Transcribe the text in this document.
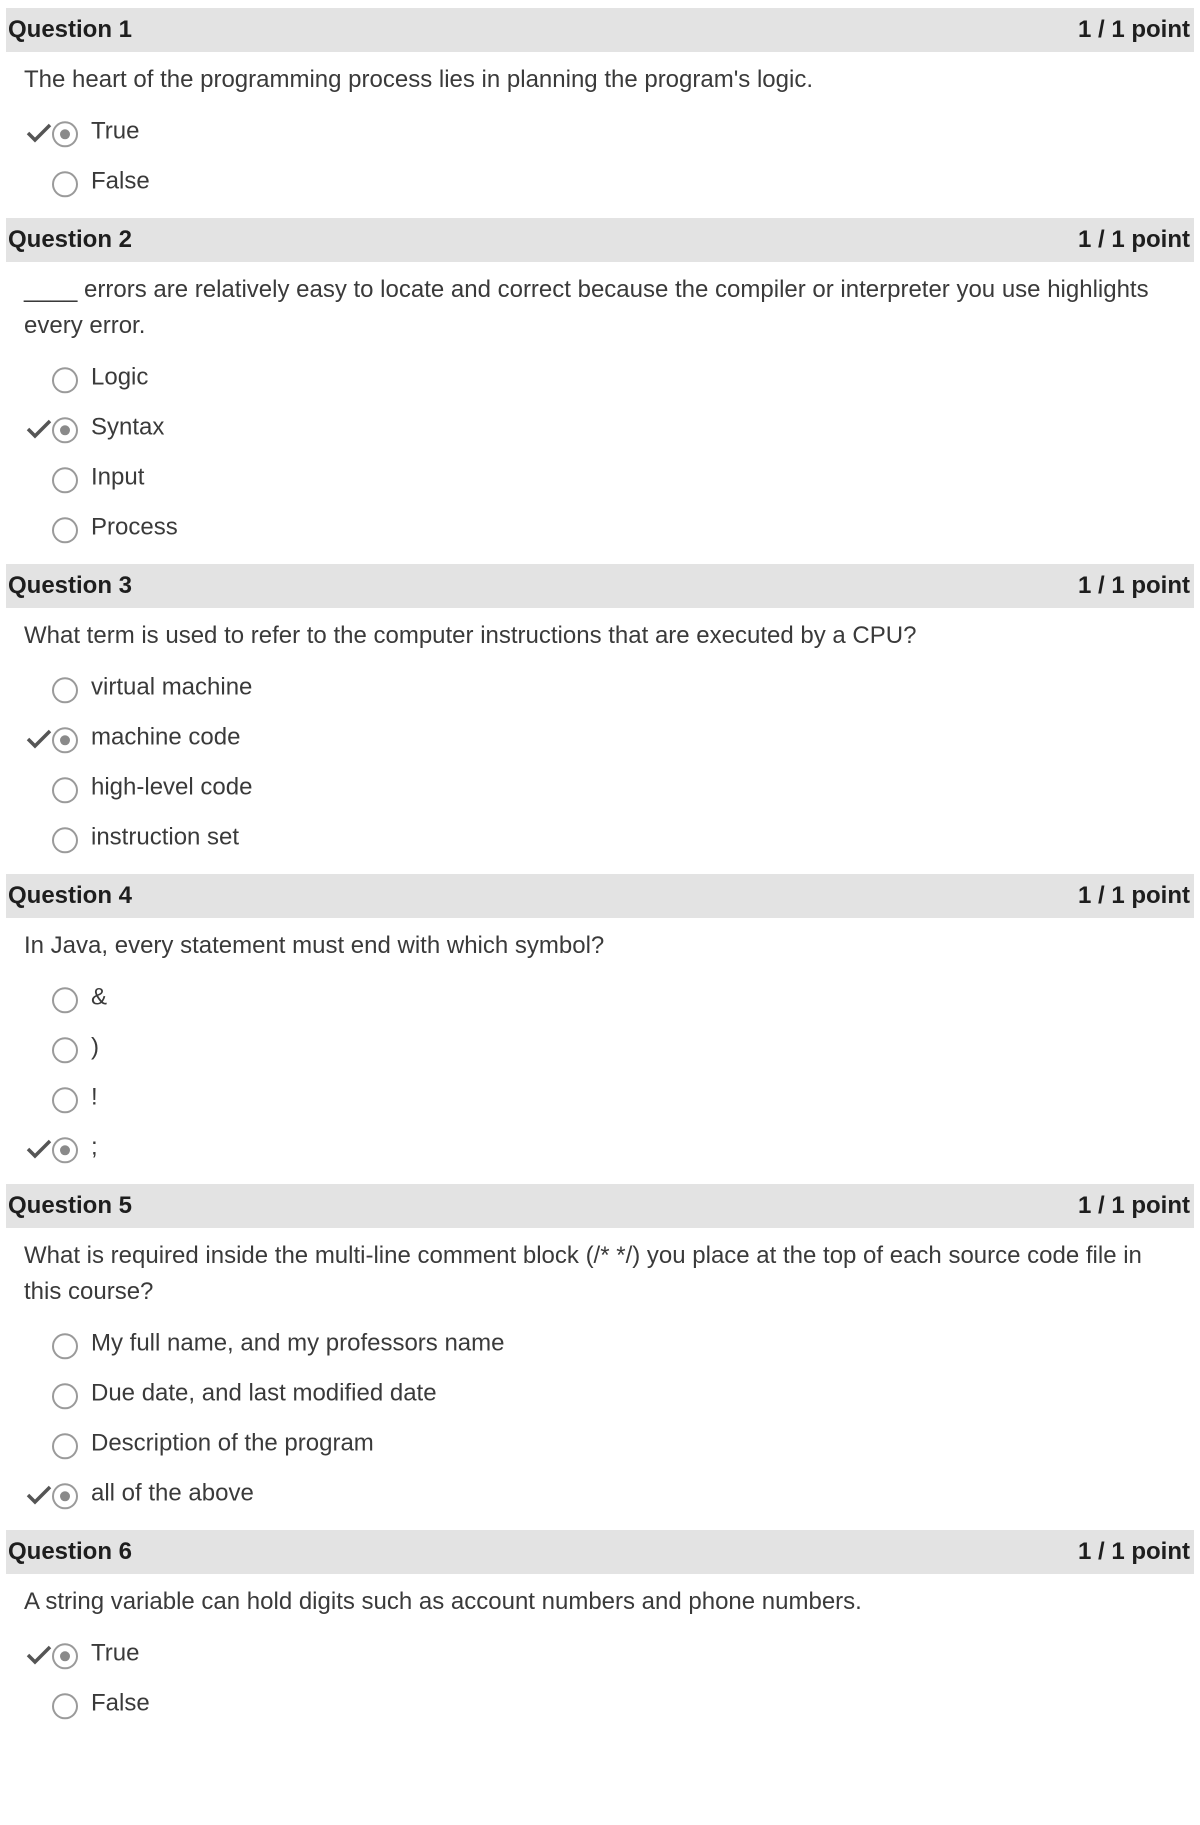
Question 1	1 / 1 point
The heart of the programming process lies in planning the program's logic.
True
False
Question 2	1 / 1 point
____ errors are relatively easy to locate and correct because the compiler or interpreter you use highlights every error.
Logic
Syntax
Input
Process
Question 3	1 / 1 point
What term is used to refer to the computer instructions that are executed by a CPU?
virtual machine
machine code
high-level code
instruction set
Question 4	1 / 1 point
In Java, every statement must end with which symbol?
&
)
!
;
Question 5	1 / 1 point
What is required inside the multi-line comment block (/* */) you place at the top of each source code file in this course?
My full name, and my professors name
Due date, and last modified date
Description of the program
all of the above
Question 6	1 / 1 point
A string variable can hold digits such as account numbers and phone numbers.
True
False
